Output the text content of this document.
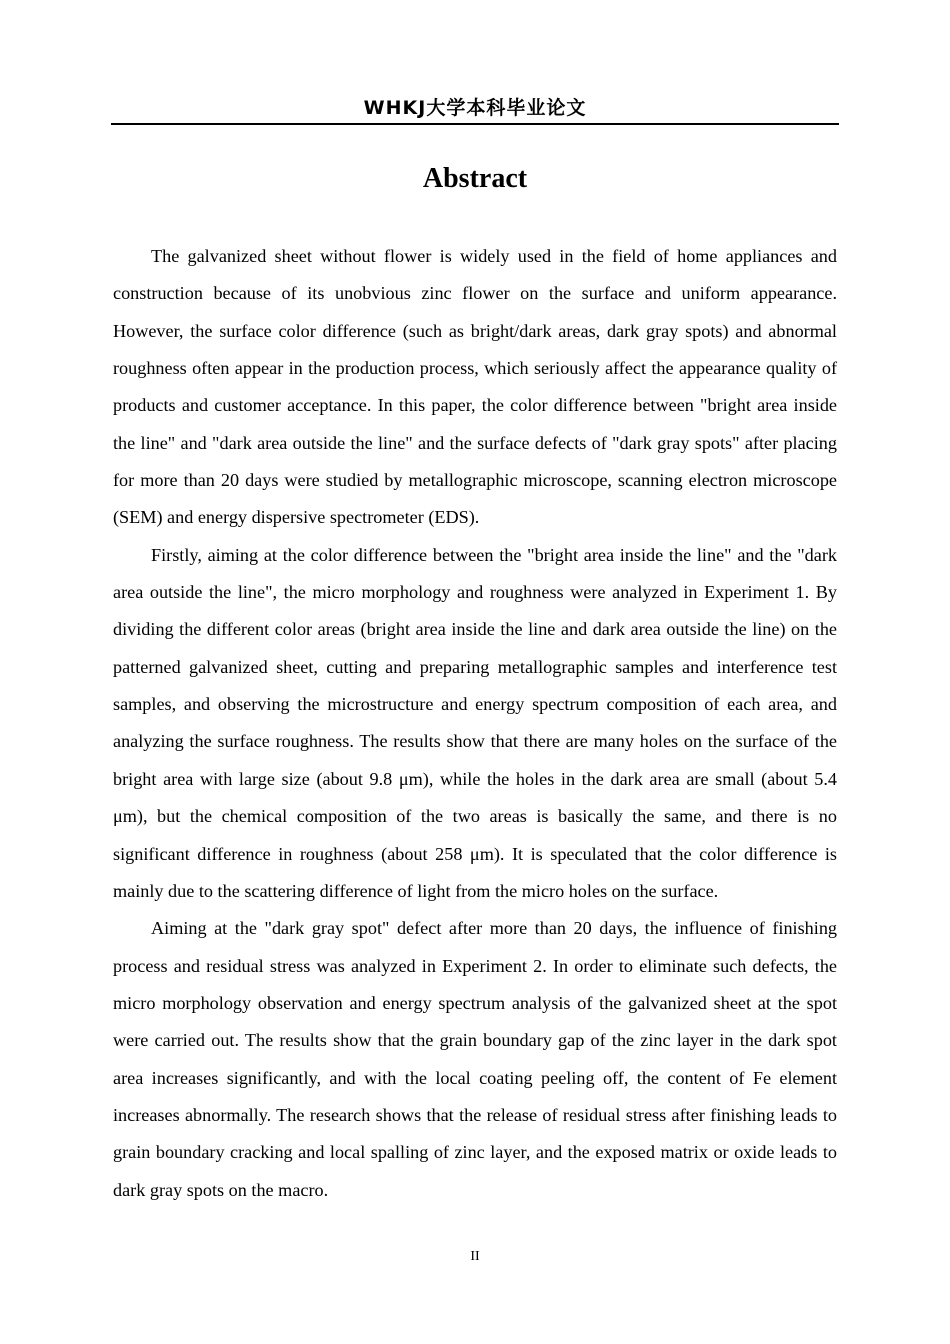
WHKJ大学本科毕业论文
Abstract

The galvanized sheet without flower is widely used in the field of home appliances and construction because of its unobvious zinc flower on the surface and uniform appearance. However, the surface color difference (such as bright/dark areas, dark gray spots) and abnormal roughness often appear in the production process, which seriously affect the appearance quality of products and customer acceptance. In this paper, the color difference between "bright area inside the line" and "dark area outside the line" and the surface defects of "dark gray spots" after placing for more than 20 days were studied by metallographic microscope, scanning electron microscope (SEM) and energy dispersive spectrometer (EDS).

Firstly, aiming at the color difference between the "bright area inside the line" and the "dark area outside the line", the micro morphology and roughness were analyzed in Experiment 1. By dividing the different color areas (bright area inside the line and dark area outside the line) on the patterned galvanized sheet, cutting and preparing metallographic samples and interference test samples, and observing the microstructure and energy spectrum composition of each area, and analyzing the surface roughness. The results show that there are many holes on the surface of the bright area with large size (about 9.8 μm), while the holes in the dark area are small (about 5.4 μm), but the chemical composition of the two areas is basically the same, and there is no significant difference in roughness (about 258 μm). It is speculated that the color difference is mainly due to the scattering difference of light from the micro holes on the surface.

Aiming at the "dark gray spot" defect after more than 20 days, the influence of finishing process and residual stress was analyzed in Experiment 2. In order to eliminate such defects, the micro morphology observation and energy spectrum analysis of the galvanized sheet at the spot were carried out. The results show that the grain boundary gap of the zinc layer in the dark spot area increases significantly, and with the local coating peeling off, the content of Fe element increases abnormally. The research shows that the release of residual stress after finishing leads to grain boundary cracking and local spalling of zinc layer, and the exposed matrix or oxide leads to dark gray spots on the macro.

II
